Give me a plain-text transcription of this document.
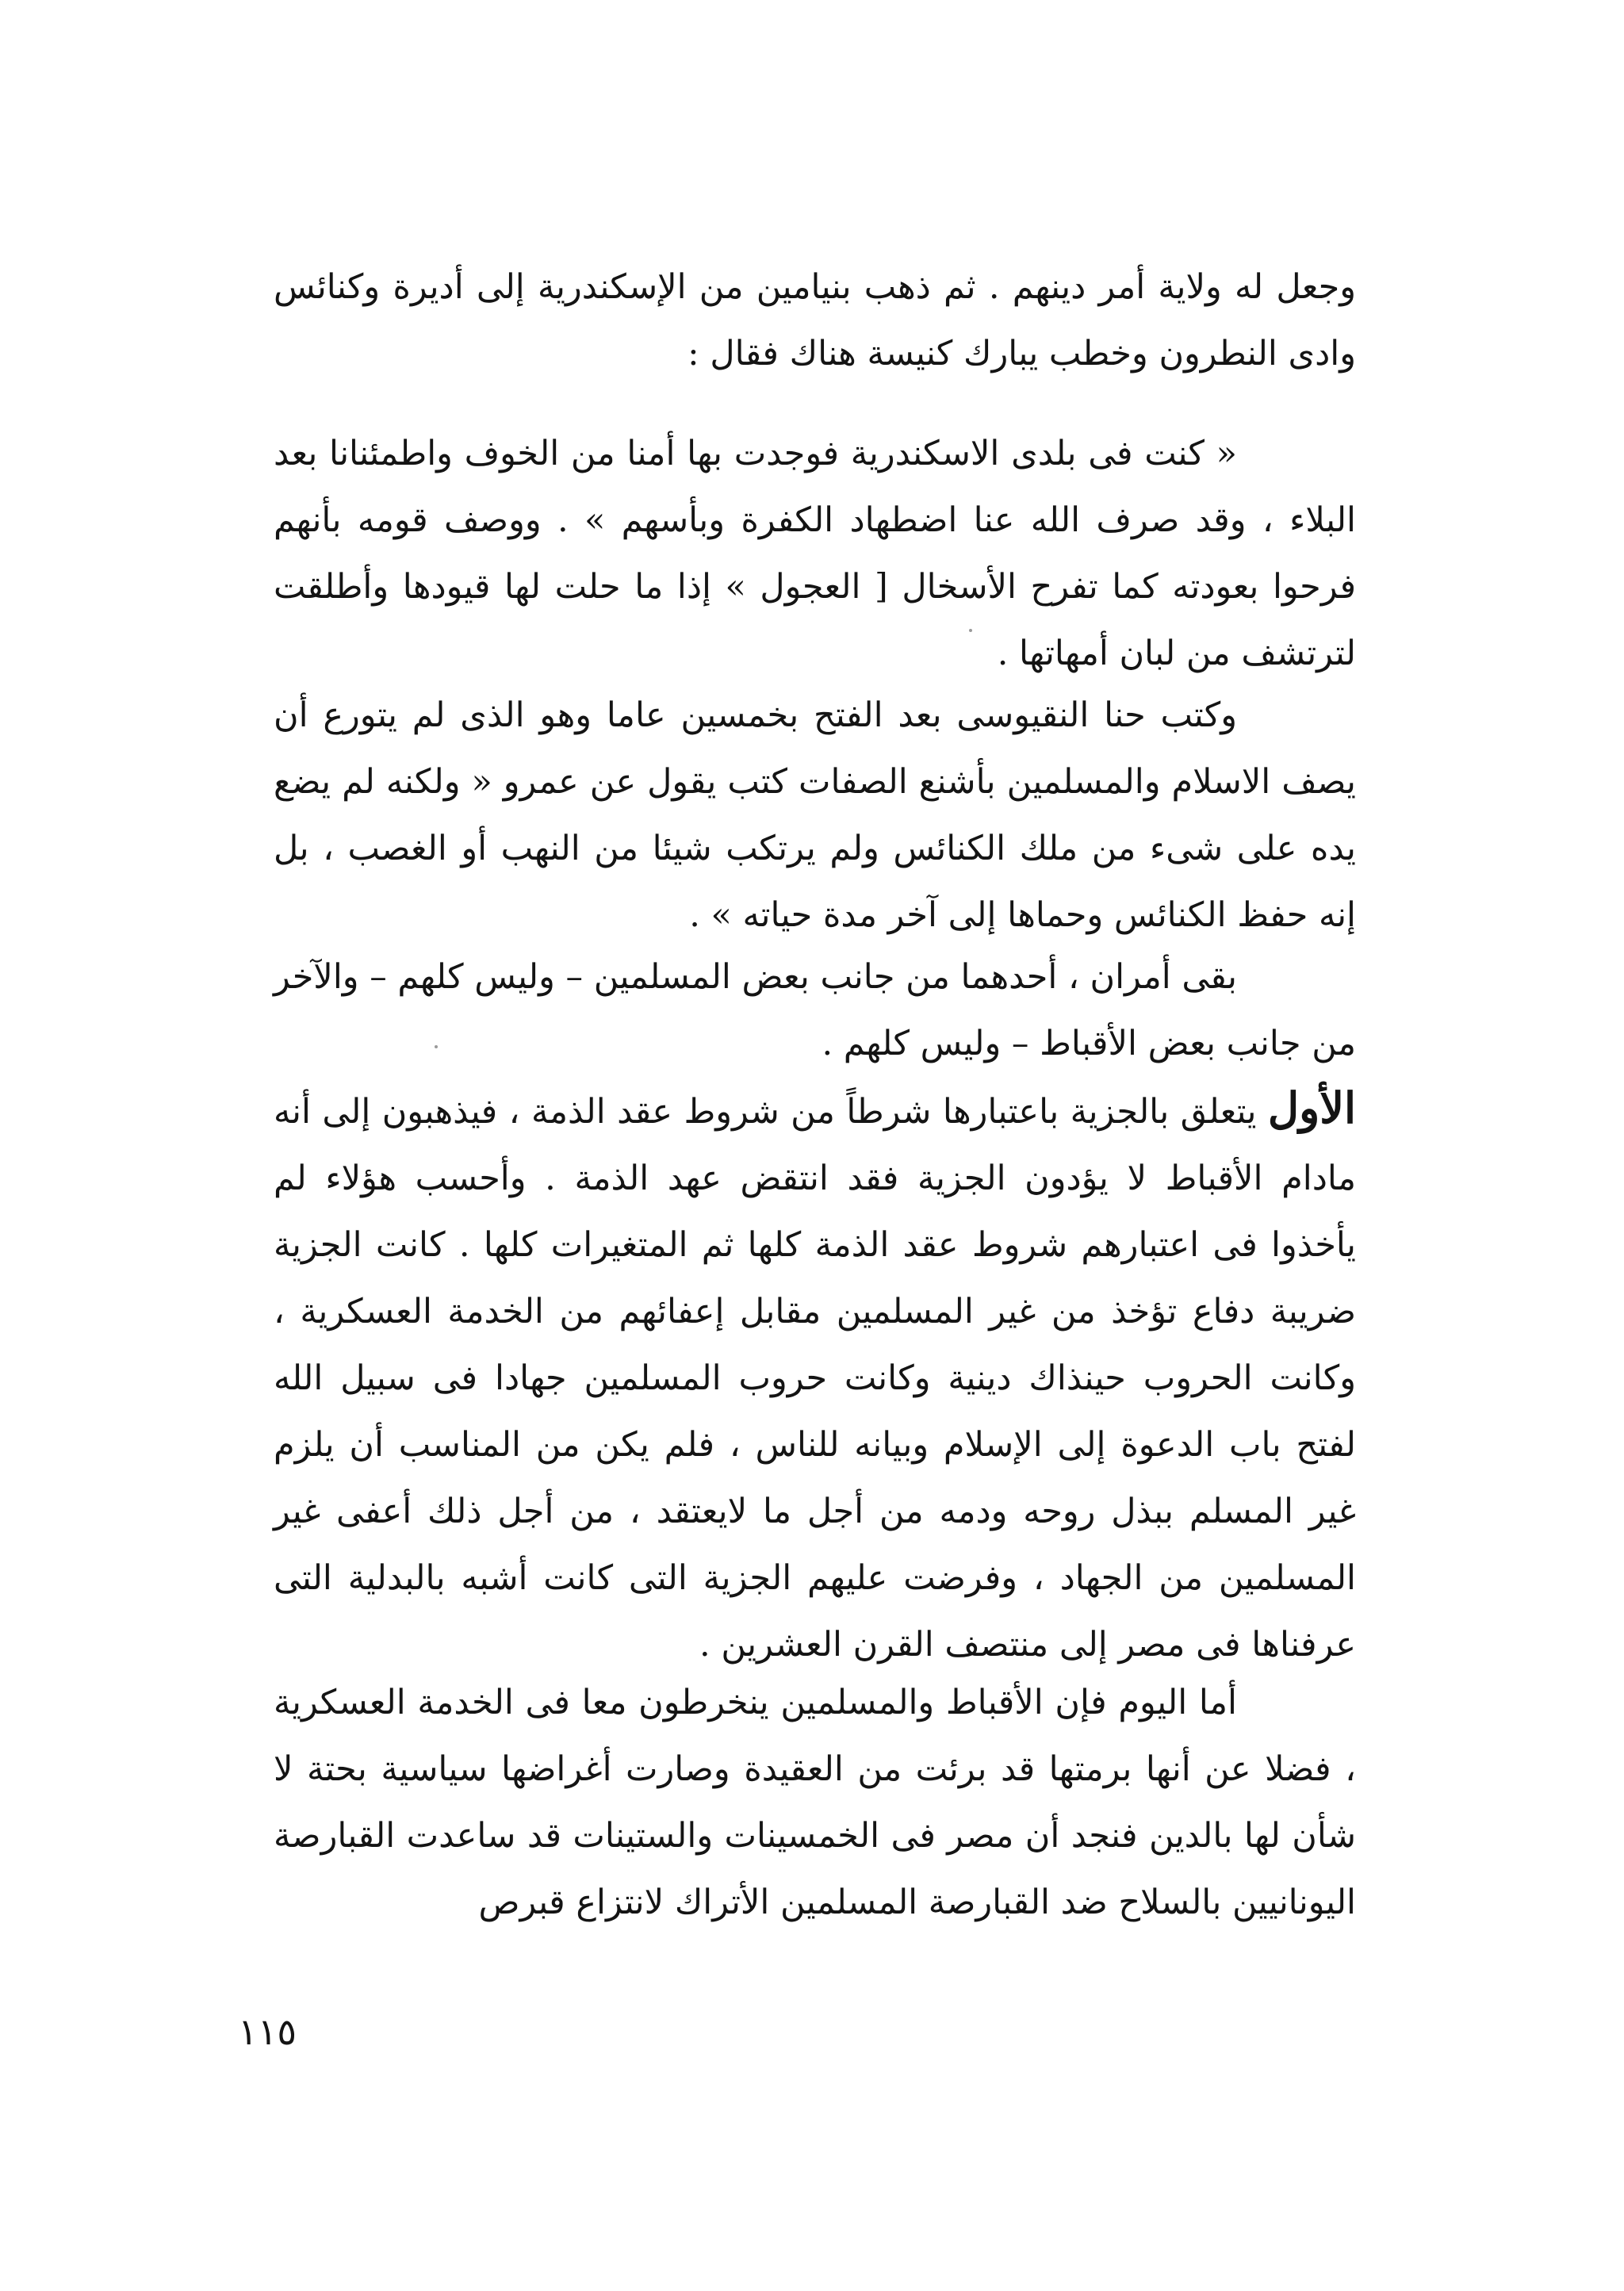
وجعل له ولاية أمر دينهم . ثم ذهب بنيامين من الإسكندرية إلى أديرة وكنائس وادى النطرون وخطب يبارك كنيسة هناك فقال :

« كنت فى بلدى الاسكندرية فوجدت بها أمنا من الخوف واطمئنانا بعد البلاء ، وقد صرف الله عنا اضطهاد الكفرة وبأسهم » . ووصف قومه بأنهم فرحوا بعودته كما تفرح الأسخال [ العجول » إذا ما حلت لها قيودها وأطلقت لترتشف من لبان أمهاتها .

وكتب حنا النقيوسى بعد الفتح بخمسين عاما وهو الذى لم يتورع أن يصف الاسلام والمسلمين بأشنع الصفات كتب يقول عن عمرو « ولكنه لم يضع يده على شىء من ملك الكنائس ولم يرتكب شيئا من النهب أو الغصب ، بل إنه حفظ الكنائس وحماها إلى آخر مدة حياته » .

بقى أمران ، أحدهما من جانب بعض المسلمين – وليس كلهم – والآخر من جانب بعض الأقباط – وليس كلهم .

الأول يتعلق بالجزية باعتبارها شرطاً من شروط عقد الذمة ، فيذهبون إلى أنه مادام الأقباط لا يؤدون الجزية فقد انتقض عهد الذمة . وأحسب هؤلاء لم يأخذوا فى اعتبارهم شروط عقد الذمة كلها ثم المتغيرات كلها . كانت الجزية ضريبة دفاع تؤخذ من غير المسلمين مقابل إعفائهم من الخدمة العسكرية ، وكانت الحروب حينذاك دينية وكانت حروب المسلمين جهادا فى سبيل الله لفتح باب الدعوة إلى الإسلام وبيانه للناس ، فلم يكن من المناسب أن يلزم غير المسلم ببذل روحه ودمه من أجل ما لايعتقد ، من أجل ذلك أعفى غير المسلمين من الجهاد ، وفرضت عليهم الجزية التى كانت أشبه بالبدلية التى عرفناها فى مصر إلى منتصف القرن العشرين .

أما اليوم فإن الأقباط والمسلمين ينخرطون معا فى الخدمة العسكرية ، فضلا عن أنها برمتها قد برئت من العقيدة وصارت أغراضها سياسية بحتة لا شأن لها بالدين فنجد أن مصر فى الخمسينات والستينات قد ساعدت القبارصة اليونانيين بالسلاح ضد القبارصة المسلمين الأتراك لانتزاع قبرص

١١٥
